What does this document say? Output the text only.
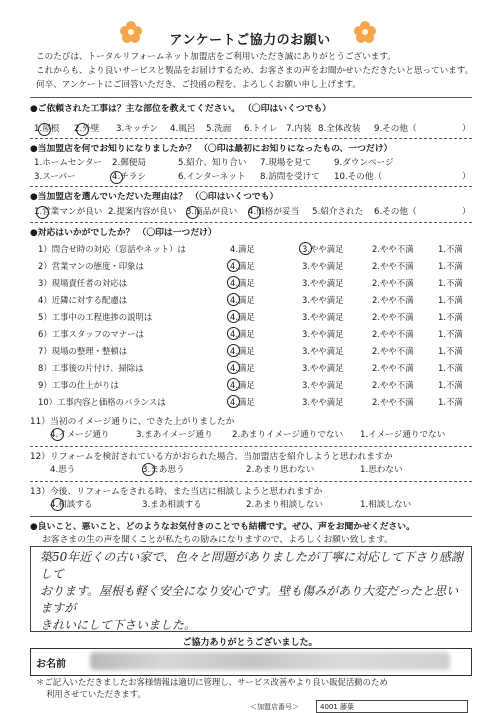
アンケートご協力のお願い
このたびは、トータルリフォームネット加盟店をご利用いただき誠にありがとうございます。
これからも、より良いサービスと製品をお届けするため、お客さまの声をお聞かせいただきたいと思っています。
何卒、アンケートにご回答いただき、ご投函の程を、よろしくお願い申し上げます。
●ご依頼された工事は？主な部位を教えてください。 （〇印はいくつでも）
1.屋根 2.外壁 3.キッチン 4.風呂 5.洗面 6.トイレ 7.内装 8.全体改装 9.その他（	）
●当加盟店を何でお知りになりましたか？ （〇印は最初にお知りになったもの、一つだけ）
1.ホームセンター 2.郵便局	5.紹介、知り合い 7.現場を見て	9.ダウンページ
3.スーパー	4.チラシ	6.インターネット 8.訪問を受けて 10.その他（	）
●当加盟店を選んでいただいた理由は？ （〇印はいくつでも）
1.営業マンが良い 2.提案内容が良い 3.商品が良い 4.価格が妥当 5.紹介された 6.その他（	）
●対応はいかがでしたか？ （〇印は一つだけ）
1）問合せ時の対応（窓話やネット）は	4.満足	3.やや満足	2.やや不満	1.不満
2）営業マンの態度・印象は	4.満足	3.やや満足	2.やや不満	1.不満
3）現場責任者の対応は	4.満足	3.やや満足	2.やや不満	1.不満
4）近隣に対する配慮は	4.満足	3.やや満足	2.やや不満	1.不満
5）工事中の工程進捗の説明は	4.満足	3.やや満足	2.やや不満	1.不満
6）工事スタッフのマナーは	4.満足	3.やや満足	2.やや不満	1.不満
7）現場の整理・整頓は	4.満足	3.やや満足	2.やや不満	1.不満
8）工事後の片付け、掃除は	4.満足	3.やや満足	2.やや不満	1.不満
9）工事の仕上がりは	4.満足	3.やや満足	2.やや不満	1.不満
10）工事内容と価格のバランスは	4.満足	3.やや満足	2.やや不満	1.不満
11）当初のイメージ通りに、できた上がりましたか
4.イメージ通り	3.まあイメージ通り 2.あまりイメージ通りでない 1.イメージ通りでない
12）リフォームを検討されている方がおられた場合、当加盟店を紹介しようと思われますか
4.思う	3.まあ思う	2.あまり思わない	1.思わない
13）今後、リフォームをされる時、また当店に相談しようと思われますか
4.相談する	3.まあ相談する	2.あまり相談しない	1.相談しない
●良いこと、悪いこと、どのようなお気付きのことでも結構です。ぜひ、声をお聞かせください。
お客さまの生の声を聞くことが私たちの励みになりますので、よろしくお願い致します。
築50年近くの古い家で、色々と問題がありましたが丁寧に対応して下さり感謝して
おります。屋根も軽く安全になり安心です。壁も傷みがあり大変だったと思いますが
きれいにして下さいました。
ご協力ありがとうございました。
お名前
＊ご記入いただきましたお客様情報は適切に管理し、サービス改善やより良い販促活動のため
利用させていただきます。
＜加盟店番号＞	4001 藤葉
